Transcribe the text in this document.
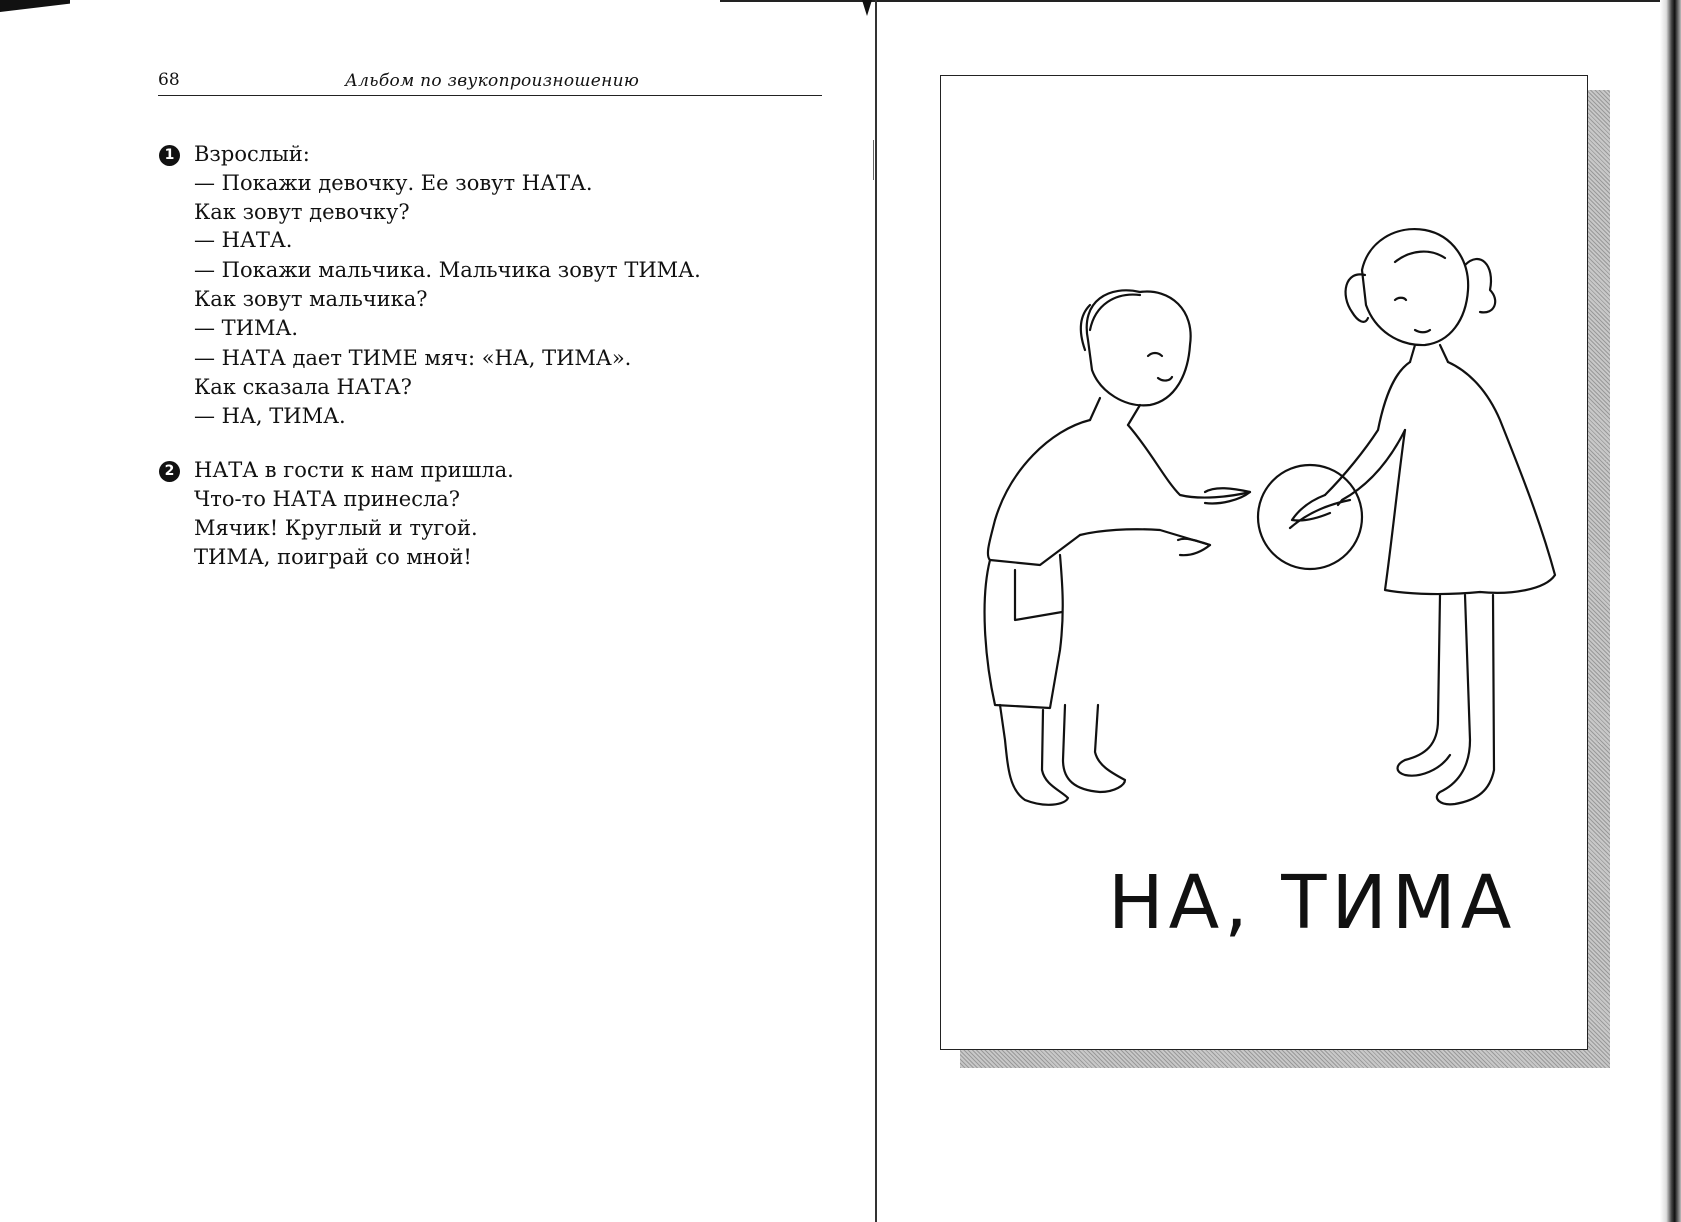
68	Альбом по звукопроизношению
1 Взрослый:
— Покажи девочку. Ее зовут НАТА.
Как зовут девочку?
— НАТА.
— Покажи мальчика. Мальчика зовут ТИМА.
Как зовут мальчика?
— ТИМА.
— НАТА дает ТИМЕ мяч: «НА, ТИМА».
Как сказала НАТА?
— НА, ТИМА.
2 НАТА в гости к нам пришла.
Что-то НАТА принесла?
Мячик! Круглый и тугой.
ТИМА, поиграй со мной!
НА, ТИМА
